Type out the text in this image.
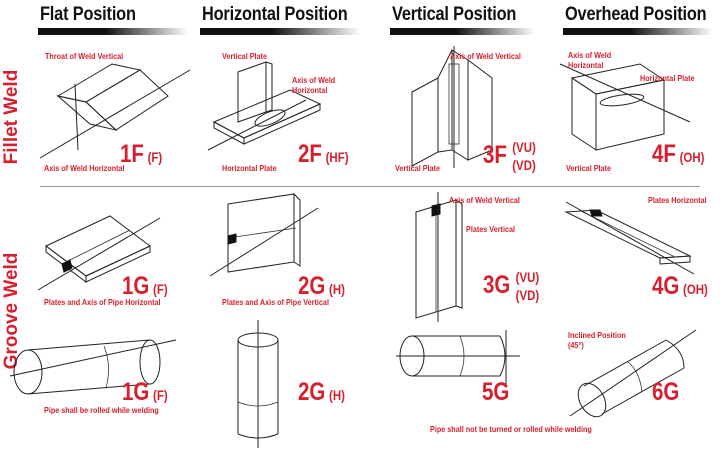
Flat Position	Horizontal Position Vertical Position	Overhead Position
Fillet Weld
Groove Weld
Throat of Weld Vertical
Axis of Weld Horizontal
1F (F)
Vertical Plate
Axis of Weld
Horizontal
Horizontal Plate 2F (HF)
Axis of Weld Vertical
Vertical Plate 3F (VU)
(VD)
Axis of Weld
Horizontal
Horizontal Plate
Vertical Plate 4F (OH)
Plates and Axis of Pipe Horizontal
1G (F)
Plates and Axis of Pipe Vertical
2G (H)
Axis of Weld Vertical
Plates Vertical
3G (VU)
(VD)
Plates Horizontal
4G (OH)
Pipe shall be rolled while welding
1G (F)	2G (H)	5G
Inclined Position
(45°)
6G
Pipe shall not be turned or rolled while welding
